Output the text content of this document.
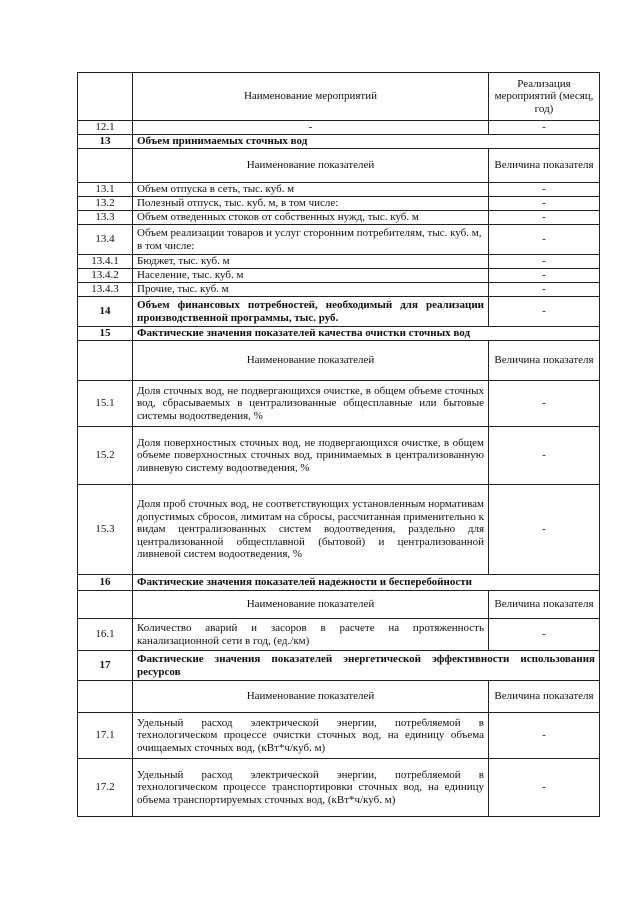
	Наименование мероприятий	Реализация мероприятий (месяц, год)
12.1	-	-
13	Объем принимаемых сточных вод	
	Наименование показателей	Величина показателя
13.1	Объем отпуска в сеть, тыс. куб. м	-
13.2	Полезный отпуск, тыс. куб. м, в том числе:	-
13.3	Объем отведенных стоков от собственных нужд, тыс. куб. м	-
13.4	Объем реализации товаров и услуг сторонним потребителям, тыс. куб. м, в том числе:	-
13.4.1	Бюджет, тыс. куб. м	-
13.4.2	Население, тыс. куб. м	-
13.4.3	Прочие, тыс. куб. м	-
14	Объем финансовых потребностей, необходимый для реализации производственной программы, тыс. руб.	-
15	Фактические значения показателей качества очистки сточных вод	
	Наименование показателей	Величина показателя
15.1	Доля сточных вод, не подвергающихся очистке, в общем объеме сточных вод, сбрасываемых в централизованные общесплавные или бытовые системы водоотведения, %	-
15.2	Доля поверхностных сточных вод, не подвергающихся очистке, в общем объеме поверхностных сточных вод, принимаемых в централизованную ливневую систему водоотведения, %	-
15.3	Доля проб сточных вод, не соответствующих установленным нормативам допустимых сбросов, лимитам на сбросы, рассчитанная применительно к видам централизованных систем водоотведения, раздельно для централизованной общесплавной (бытовой) и централизованной ливневой систем водоотведения, %	-
16	Фактические значения показателей надежности и бесперебойности	
	Наименование показателей	Величина показателя
16.1	Количество аварий и засоров в расчете на протяженность канализационной сети в год, (ед./км)	-
17	Фактические значения показателей энергетической эффективности использования ресурсов	
	Наименование показателей	Величина показателя
17.1	Удельный расход электрической энергии, потребляемой в технологическом процессе очистки сточных вод, на единицу объема очищаемых сточных вод, (кВт*ч/куб. м)	-
17.2	Удельный расход электрической энергии, потребляемой в технологическом процессе транспортировки сточных вод, на единицу объема транспортируемых сточных вод, (кВт*ч/куб. м)	-
